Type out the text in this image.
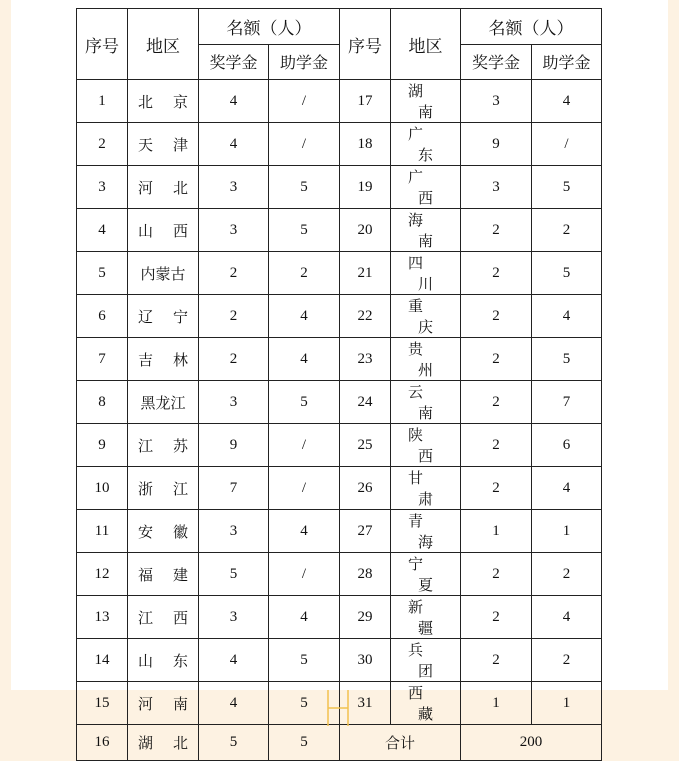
序号	地区	名额（人）		序号	地区	名额（人）	
		奖学金	助学金			奖学金	助学金
1	北京	4	/	17	湖南	3	4
2	天津	4	/	18	广东	9	/
3	河北	3	5	19	广西	3	5
4	山西	3	5	20	海南	2	2
5	内蒙古	2	2	21	四川	2	5
6	辽宁	2	4	22	重庆	2	4
7	吉林	2	4	23	贵州	2	5
8	黑龙江	3	5	24	云南	2	7
9	江苏	9	/	25	陕西	2	6
10	浙江	7	/	26	甘肃	2	4
11	安徽	3	4	27	青海	1	1
12	福建	5	/	28	宁夏	2	2
13	江西	3	4	29	新疆	2	4
14	山东	4	5	30	兵团	2	2
15	河南	4	5	31	西藏	1	1
16	湖北	5	5	合计		200	
